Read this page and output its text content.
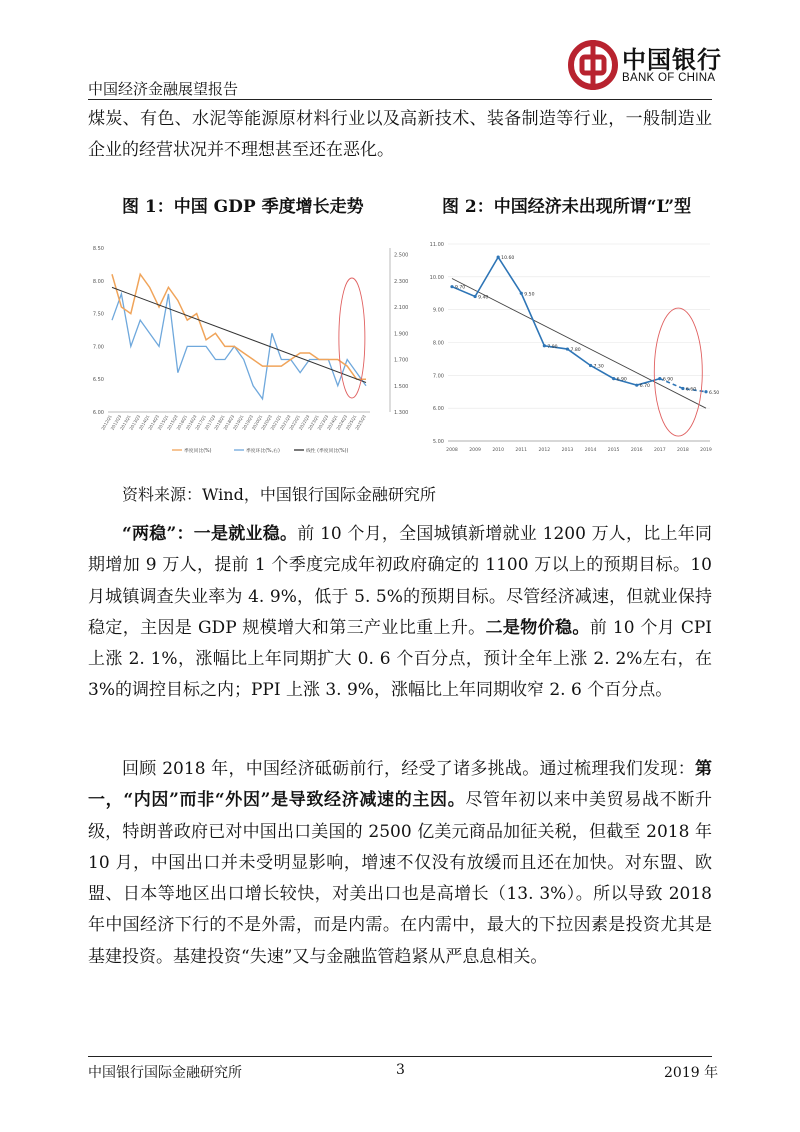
中国经济金融展望报告
中国银行
BANK OF CHINA

煤炭、有色、水泥等能源原材料行业以及高新技术、装备制造等行业，一般制造业企业的经营状况并不理想甚至还在恶化。

图 1：中国 GDP 季度增长走势	图 2：中国经济未出现所谓“L”型
6.00
6.50
7.00
7.50
8.00
8.50
1.300
1.500
1.700
1.900
2.100
2.300
2.500
2012Q1
2012Q3
2013Q1
2013Q3
2014Q1
2014Q3
2015Q1
2015Q3
2016Q1
2016Q3
2017Q1
2017Q3
2018Q1
2018Q3
2019Q1
2019Q3
2020Q1
2020Q3
2021Q1
2021Q3
2022Q1
2022Q3
2023Q1
2023Q3
2024Q1
2024Q3
2025Q1
2025Q3
季度同比(%)	季度环比(%,右)	线性 (季度同比(%))
5.00
6.00
7.00
8.00
9.00
10.00
11.00
2008 2009 2010 2011 2012 2013 2014 2015 2016 2017 2018 2019
9.70
9.40
10.60
9.50
7.90
7.80
7.30
6.90
6.70
6.90
6.60
6.50
资料来源：Wind，中国银行国际金融研究所

“两稳”：一是就业稳。前 10 个月，全国城镇新增就业 1200 万人，比上年同期增加 9 万人，提前 1 个季度完成年初政府确定的 1100 万以上的预期目标。10 月城镇调查失业率为 4. 9%，低于 5. 5%的预期目标。尽管经济减速，但就业保持稳定，主因是 GDP 规模增大和第三产业比重上升。二是物价稳。前 10 个月 CPI 上涨 2. 1%，涨幅比上年同期扩大 0. 6 个百分点，预计全年上涨 2. 2%左右，在 3%的调控目标之内；PPI 上涨 3. 9%，涨幅比上年同期收窄 2. 6 个百分点。

回顾 2018 年，中国经济砥砺前行，经受了诸多挑战。通过梳理我们发现：第一，“内因”而非“外因”是导致经济减速的主因。尽管年初以来中美贸易战不断升级，特朗普政府已对中国出口美国的 2500 亿美元商品加征关税，但截至 2018 年 10 月，中国出口并未受明显影响，增速不仅没有放缓而且还在加快。对东盟、欧盟、日本等地区出口增长较快，对美出口也是高增长（13. 3%）。所以导致 2018 年中国经济下行的不是外需，而是内需。在内需中，最大的下拉因素是投资尤其是基建投资。基建投资“失速”又与金融监管趋紧从严息息相关。

中国银行国际金融研究所	3	2019 年
